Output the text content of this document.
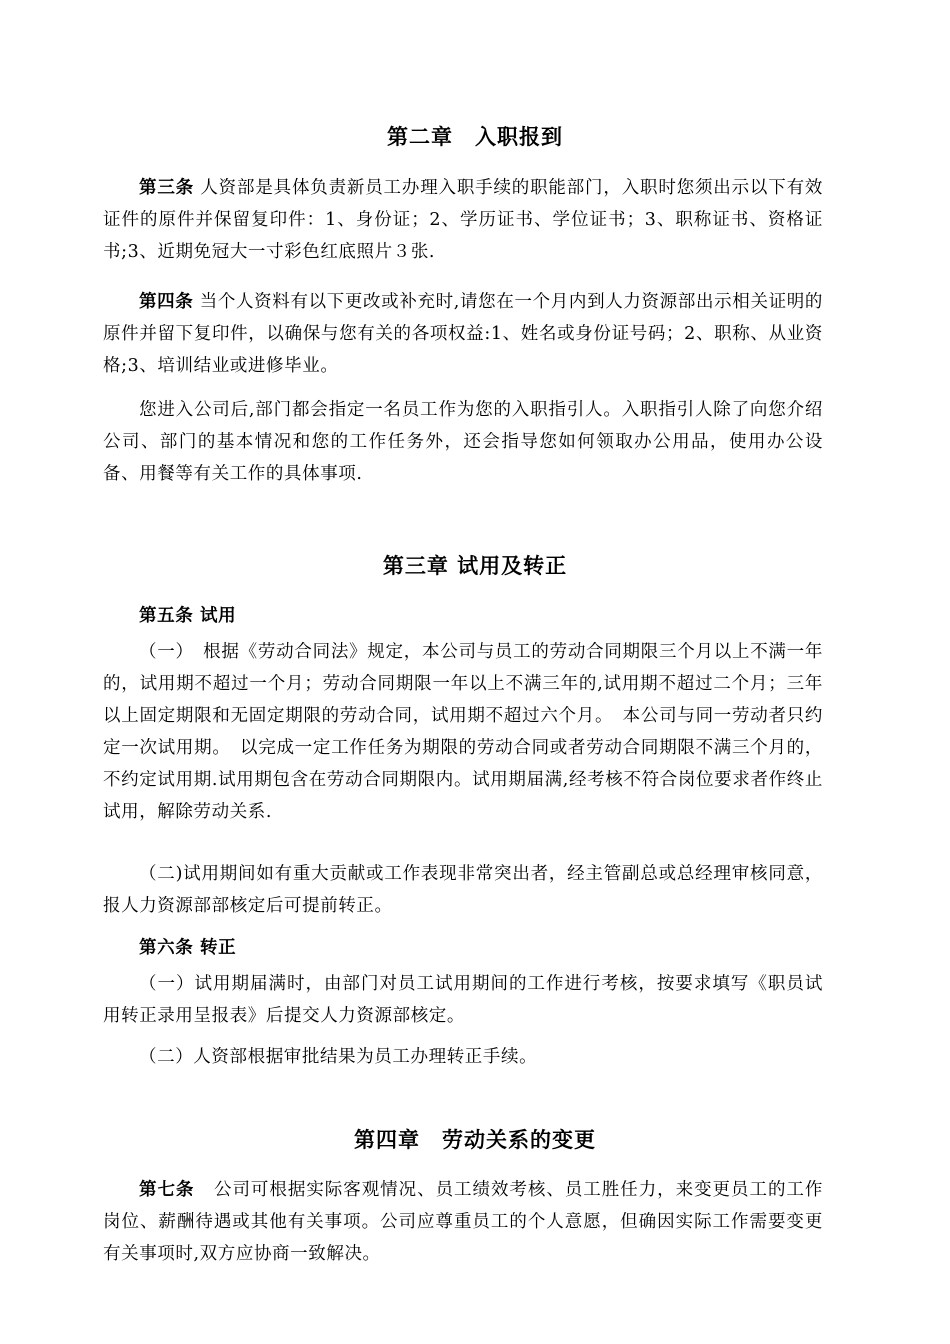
第二章　入职报到
第三条 人资部是具体负责新员工办理入职手续的职能部门，入职时您须出示以下有效证件的原件并保留复印件：1、身份证；2、学历证书、学位证书；3、职称证书、资格证书;3、近期免冠大一寸彩色红底照片３张.
第四条 当个人资料有以下更改或补充时,请您在一个月内到人力资源部出示相关证明的原件并留下复印件，以确保与您有关的各项权益:1、姓名或身份证号码；2、职称、从业资格;3、培训结业或进修毕业。
您进入公司后,部门都会指定一名员工作为您的入职指引人。入职指引人除了向您介绍公司、部门的基本情况和您的工作任务外，还会指导您如何领取办公用品，使用办公设备、用餐等有关工作的具体事项.
第三章 试用及转正
第五条 试用
（一）　根据《劳动合同法》规定，本公司与员工的劳动合同期限三个月以上不满一年的，试用期不超过一个月；劳动合同期限一年以上不满三年的,试用期不超过二个月；三年以上固定期限和无固定期限的劳动合同，试用期不超过六个月。　本公司与同一劳动者只约定一次试用期。　以完成一定工作任务为期限的劳动合同或者劳动合同期限不满三个月的，不约定试用期.试用期包含在劳动合同期限内。试用期届满,经考核不符合岗位要求者作终止试用，解除劳动关系.
（二)试用期间如有重大贡献或工作表现非常突出者，经主管副总或总经理审核同意，报人力资源部部核定后可提前转正。
第六条 转正
（一）试用期届满时，由部门对员工试用期间的工作进行考核，按要求填写《职员试用转正录用呈报表》后提交人力资源部核定。
（二）人资部根据审批结果为员工办理转正手续。
第四章　劳动关系的变更
第七条 公司可根据实际客观情况、员工绩效考核、员工胜任力，来变更员工的工作岗位、薪酬待遇或其他有关事项。公司应尊重员工的个人意愿，但确因实际工作需要变更有关事项时,双方应协商一致解决。
